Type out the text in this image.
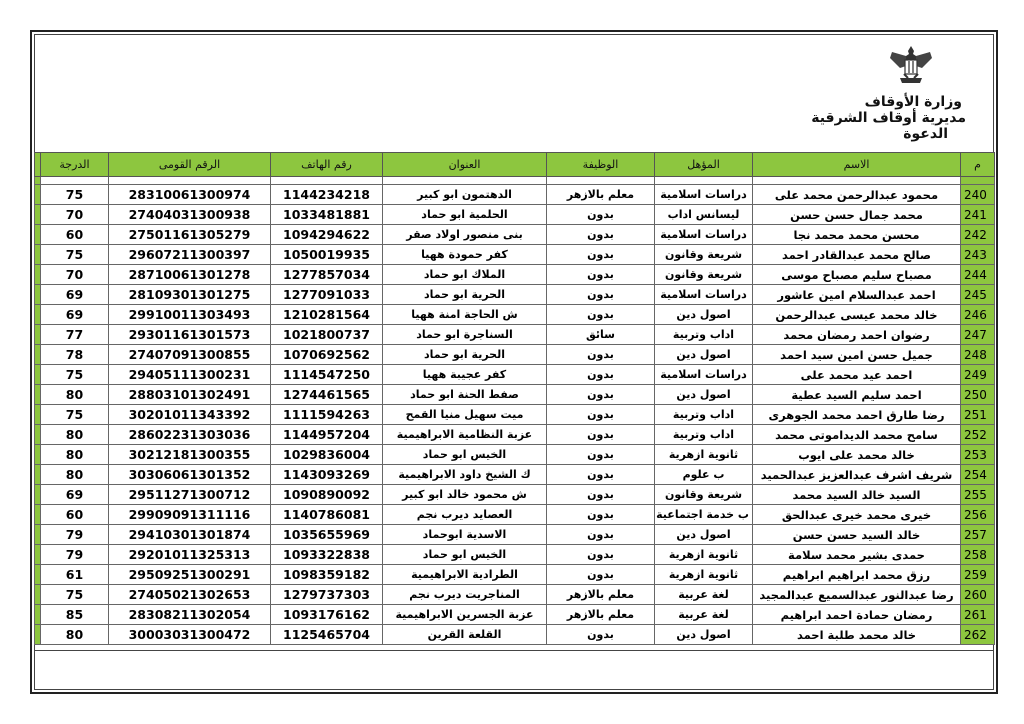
وزارة الأوقاف
مديرية أوقاف الشرقية
الدعوة
م	الاسم	المؤهل	الوظيفة	العنوان	رقم الهاتف	الرقم القومى	الدرجة	

240	محمود عبدالرحمن محمد على	دراسات اسلامية	معلم بالازهر	الدهتمون ابو كبير	1144234218	28310061300974	75	
241	محمد جمال حسن حسن	ليسانس اداب	بدون	الحلمية ابو حماد	1033481881	27404031300938	70	
242	محسن محمد محمد نجا	دراسات اسلامية	بدون	بنى منصور اولاد صقر	1094294622	27501161305279	60	
243	صالح محمد عبدالقادر احمد	شريعة وقانون	بدون	كفر حمودة ههيا	1050019935	29607211300397	75	
244	مصباح سليم مصباح موسى	شريعة وقانون	بدون	الملاك ابو حماد	1277857034	28710061301278	70	
245	احمد عبدالسلام امين عاشور	دراسات اسلامية	بدون	الحرية ابو حماد	1277091033	28109301301275	69	
246	خالد محمد عيسى عبدالرحمن	اصول دين	بدون	ش الحاجة امنة ههيا	1210281564	29910011303493	69	
247	رضوان احمد رمضان محمد	اداب وتربية	سائق	السناجرة ابو حماد	1021800737	29301161301573	77	
248	جميل حسن امين سيد احمد	اصول دين	بدون	الحرية ابو حماد	1070692562	27407091300855	78	
249	احمد عيد محمد على	دراسات اسلامية	بدون	كفر عجيبة ههيا	1114547250	29405111300231	75	
250	احمد سليم السيد عطية	اصول دين	بدون	صفط الحنة ابو حماد	1274461565	28803101302491	80	
251	رضا طارق احمد محمد الجوهرى	اداب وتربية	بدون	ميت سهيل منيا القمح	1111594263	30201011343392	75	
252	سامح محمد الديداموتى محمد	اداب وتربية	بدون	عزبة النظامية الابراهيمية	1144957204	28602231303036	80	
253	خالد محمد على ايوب	ثانوية ازهرية	بدون	الخيس ابو حماد	1029836004	30212181300355	80	
254	شريف اشرف عبدالعزيز عبدالحميد	ب علوم	بدون	ك الشيخ داود الابراهيمية	1143093269	30306061301352	80	
255	السيد خالد السيد محمد	شريعة وقانون	بدون	ش محمود خالد ابو كبير	1090890092	29511271300712	69	
256	خيرى محمد خيرى عبدالحق	ب خدمة اجتماعية	بدون	العصايد ديرب نجم	1140786081	29909091311116	60	
257	خالد السيد حسن حسن	اصول دين	بدون	الاسدية ابوحماد	1035655969	29410301301874	79	
258	حمدى بشير محمد سلامة	ثانوية ازهرية	بدون	الخيس ابو حماد	1093322838	29201011325313	79	
259	رزق محمد ابراهيم ابراهيم	ثانوية ازهرية	بدون	الطرادية الابراهيمية	1098359182	29509251300291	61	
260	رضا عبدالنور عبدالسميع عبدالمجيد	لغة عربية	معلم بالازهر	المناجريت ديرب نجم	1279737303	27405021302653	75	
261	رمضان حمادة احمد ابراهيم	لغة عربية	معلم بالازهر	عزبة الجسرين الابراهيمية	1093176162	28308211302054	85	
262	خالد محمد طلبة احمد	اصول دين	بدون	القلعة القرين	1125465704	30003031300472	80	
